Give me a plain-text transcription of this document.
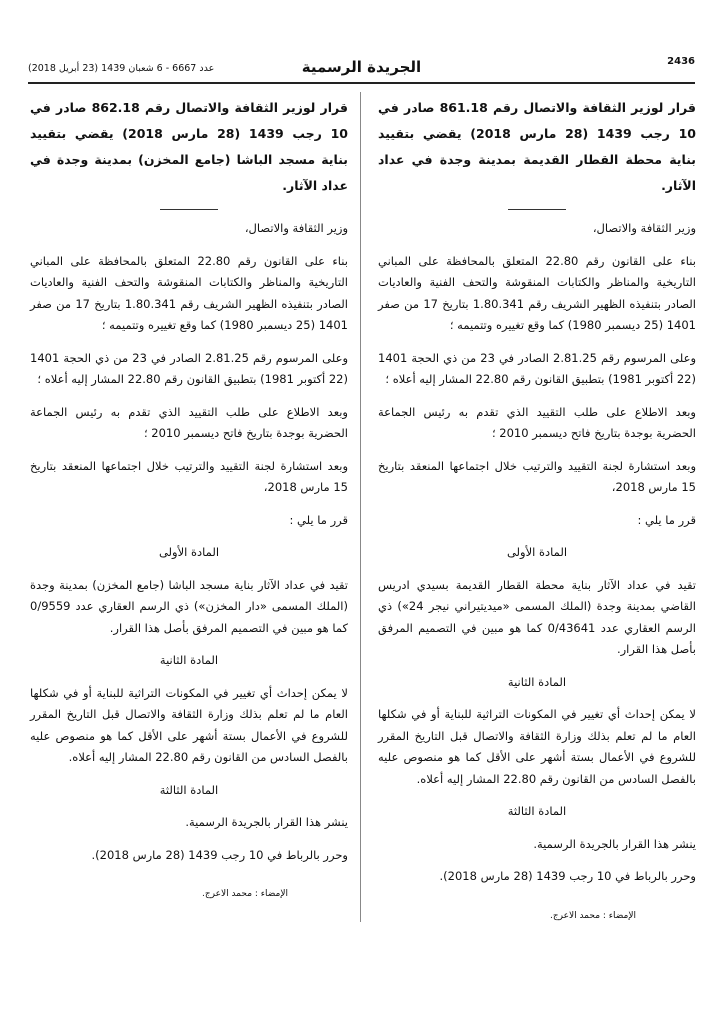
عدد 6667 - 6 شعبان 1439 (23 أبريل 2018)	الجريدة الرسمية	2436
قرار لوزير الثقافة والاتصال رقم 861.18 صادر في 10 رجب 1439 (28 مارس 2018) يقضي بتقييد بناية محطة القطار القديمة بمدينة وجدة في عداد الآثار.

وزير الثقافة والاتصال،

بناء على القانون رقم 22.80 المتعلق بالمحافظة على المباني التاريخية والمناظر والكتابات المنقوشة والتحف الفنية والعاديات الصادر بتنفيذه الظهير الشريف رقم 1.80.341 بتاريخ 17 من صفر 1401 (25 ديسمبر 1980) كما وقع تغييره وتتميمه ؛

وعلى المرسوم رقم 2.81.25 الصادر في 23 من ذي الحجة 1401 (22 أكتوبر 1981) بتطبيق القانون رقم 22.80 المشار إليه أعلاه ؛

وبعد الاطلاع على طلب التقييد الذي تقدم به رئيس الجماعة الحضرية بوجدة بتاريخ فاتح ديسمبر 2010 ؛

وبعد استشارة لجنة التقييد والترتيب خلال اجتماعها المنعقد بتاريخ 15 مارس 2018،

قرر ما يلي :

المادة الأولى

تقيد في عداد الآثار بناية محطة القطار القديمة بسيدي ادريس القاضي بمدينة وجدة (الملك المسمى «ميديتيراني نيجر 24») ذي الرسم العقاري عدد 0/43641 كما هو مبين في التصميم المرفق بأصل هذا القرار.

المادة الثانية

لا يمكن إحداث أي تغيير في المكونات التراثية للبناية أو في شكلها العام ما لم تعلم بذلك وزارة الثقافة والاتصال قبل التاريخ المقرر للشروع في الأعمال بستة أشهر على الأقل كما هو منصوص عليه بالفصل السادس من القانون رقم 22.80 المشار إليه أعلاه.

المادة الثالثة

ينشر هذا القرار بالجريدة الرسمية.

وحرر بالرباط في 10 رجب 1439 (28 مارس 2018).

الإمضاء : محمد الاعرج.
قرار لوزير الثقافة والاتصال رقم 862.18 صادر في 10 رجب 1439 (28 مارس 2018) يقضي بتقييد بناية مسجد الباشا (جامع المخزن) بمدينة وجدة في عداد الآثار.

وزير الثقافة والاتصال،

بناء على القانون رقم 22.80 المتعلق بالمحافظة على المباني التاريخية والمناظر والكتابات المنقوشة والتحف الفنية والعاديات الصادر بتنفيذه الظهير الشريف رقم 1.80.341 بتاريخ 17 من صفر 1401 (25 ديسمبر 1980) كما وقع تغييره وتتميمه ؛

وعلى المرسوم رقم 2.81.25 الصادر في 23 من ذي الحجة 1401 (22 أكتوبر 1981) بتطبيق القانون رقم 22.80 المشار إليه أعلاه ؛

وبعد الاطلاع على طلب التقييد الذي تقدم به رئيس الجماعة الحضرية بوجدة بتاريخ فاتح ديسمبر 2010 ؛

وبعد استشارة لجنة التقييد والترتيب خلال اجتماعها المنعقد بتاريخ 15 مارس 2018،

قرر ما يلي :

المادة الأولى

تقيد في عداد الآثار بناية مسجد الباشا (جامع المخزن) بمدينة وجدة (الملك المسمى «دار المخزن») ذي الرسم العقاري عدد 0/9559 كما هو مبين في التصميم المرفق بأصل هذا القرار.

المادة الثانية

لا يمكن إحداث أي تغيير في المكونات التراثية للبناية أو في شكلها العام ما لم تعلم بذلك وزارة الثقافة والاتصال قبل التاريخ المقرر للشروع في الأعمال بستة أشهر على الأقل كما هو منصوص عليه بالفصل السادس من القانون رقم 22.80 المشار إليه أعلاه.

المادة الثالثة

ينشر هذا القرار بالجريدة الرسمية.

وحرر بالرباط في 10 رجب 1439 (28 مارس 2018).

الإمضاء : محمد الاعرج.
